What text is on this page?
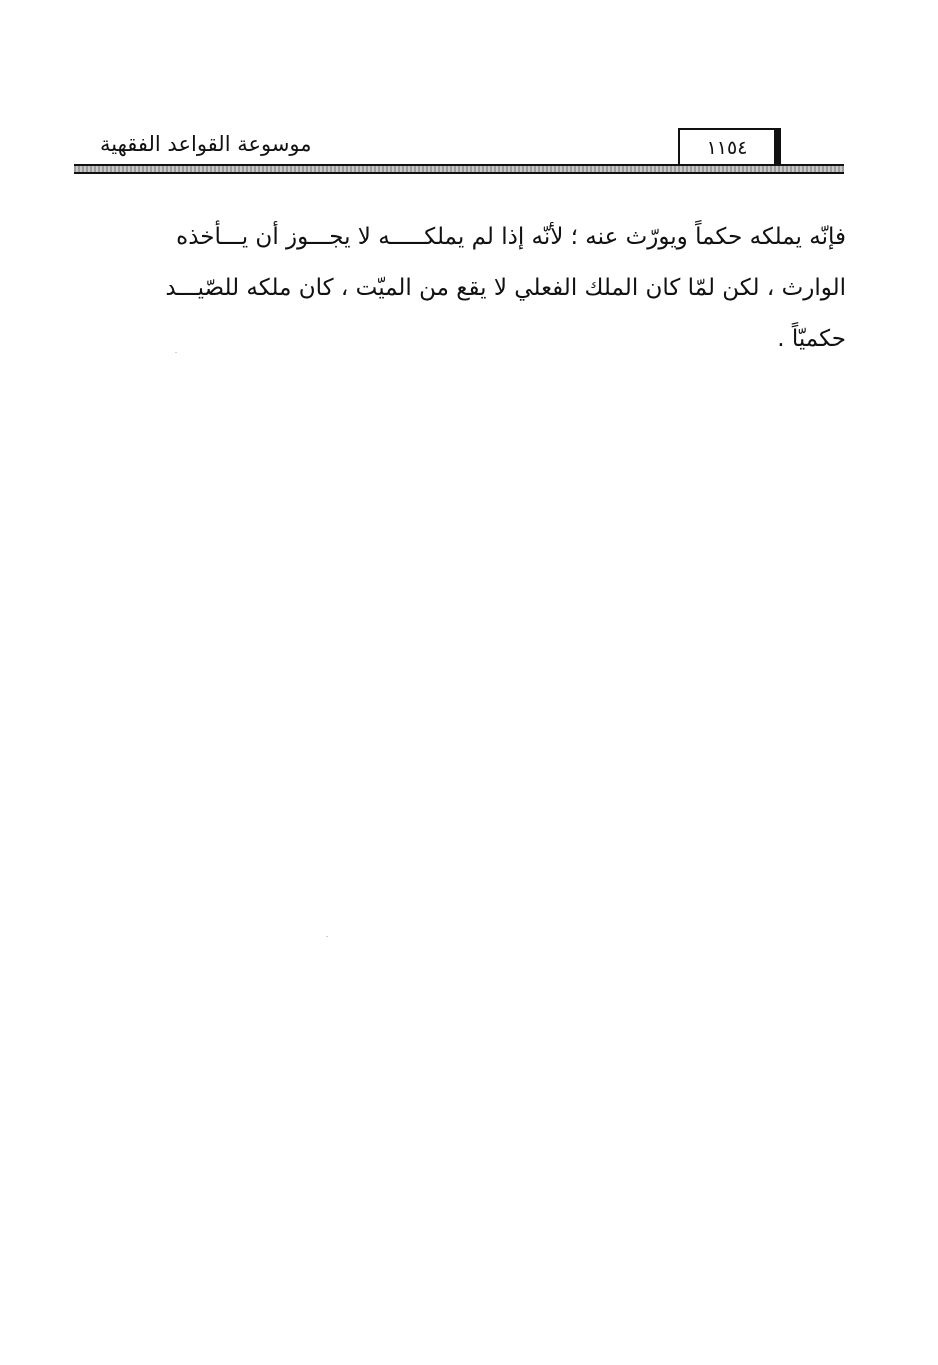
موسوعة القواعد الفقهية	١١٥٤
فإنّه يملكه حكماً ويورّث عنه ؛ لأنّه إذا لم يملكـــــه لا يجـــوز أن يـــأخذه
الوارث ، لكن لمّا كان الملك الفعلي لا يقع من الميّت ، كان ملكه للصّيـــد
حكميّاً .
